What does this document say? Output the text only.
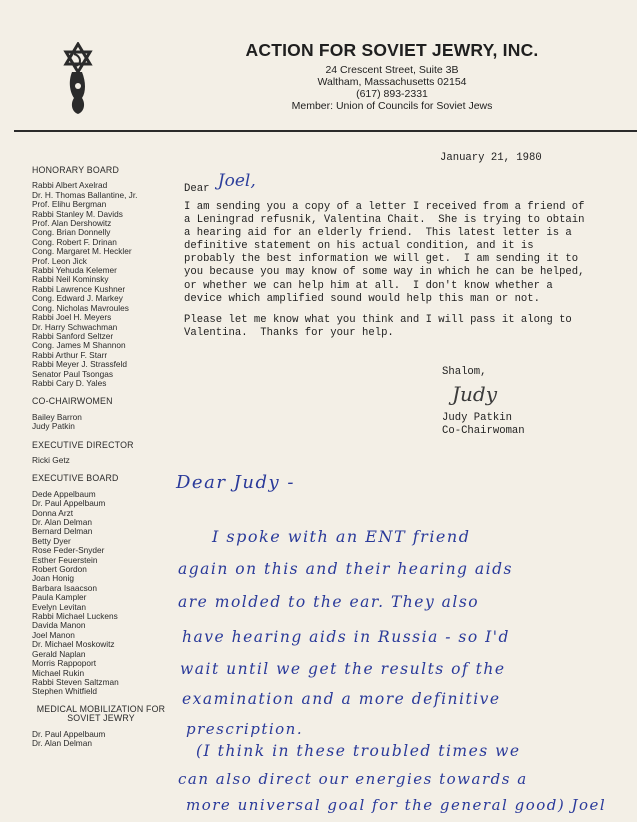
ACTION FOR SOVIET JEWRY, INC.
24 Crescent Street, Suite 3B
Waltham, Massachusetts 02154
(617) 893-2331
Member: Union of Councils for Soviet Jews
HONORARY BOARD
Rabbi Albert Axelrad
Dr. H. Thomas Ballantine, Jr.
Prof. Elihu Bergman
Rabbi Stanley M. Davids
Prof. Alan Dershowitz
Cong. Brian Donnelly
Cong. Robert F. Drinan
Cong. Margaret M. Heckler
Prof. Leon Jick
Rabbi Yehuda Kelemer
Rabbi Neil Kominsky
Rabbi Lawrence Kushner
Cong. Edward J. Markey
Cong. Nicholas Mavroules
Rabbi Joel H. Meyers
Dr. Harry Schwachman
Rabbi Sanford Seltzer
Cong. James M Shannon
Rabbi Arthur F. Starr
Rabbi Meyer J. Strassfeld
Senator Paul Tsongas
Rabbi Cary D. Yales
CO-CHAIRWOMEN
Bailey Barron
Judy Patkin
EXECUTIVE DIRECTOR
Ricki Getz
EXECUTIVE BOARD
Dede Appelbaum
Dr. Paul Appelbaum
Donna Arzt
Dr. Alan Delman
Bernard Delman
Betty Dyer
Rose Feder-Snyder
Esther Feuerstein
Robert Gordon
Joan Honig
Barbara Isaacson
Paula Kampler
Evelyn Levitan
Rabbi Michael Luckens
Davida Manon
Joel Manon
Dr. Michael Moskowitz
Gerald Naplan
Morris Rappoport
Michael Rukin
Rabbi Steven Saltzman
Stephen Whitfield
MEDICAL MOBILIZATION FOR
SOVIET JEWRY
Dr. Paul Appelbaum
Dr. Alan Delman
January 21, 1980
Dear Joel,
I am sending you a copy of a letter I received from a friend of
a Leningrad refusnik, Valentina Chait.  She is trying to obtain
a hearing aid for an elderly friend.  This latest letter is a
definitive statement on his actual condition, and it is
probably the best information we will get.  I am sending it to
you because you may know of some way in which he can be helped,
or whether we can help him at all.  I don't know whether a
device which amplified sound would help this man or not.
Please let me know what you think and I will pass it along to
Valentina.  Thanks for your help.
Shalom,
Judy
Judy Patkin
Co-Chairwoman
Dear Judy -
I spoke with an ENT friend
again on this and their hearing aids
are molded to the ear. They also
have hearing aids in Russia - so I'd
wait until we get the results of the
examination and a more definitive
prescription.
(I think in these troubled times we
can also direct our energies towards a
more universal goal for the general good) Joel
